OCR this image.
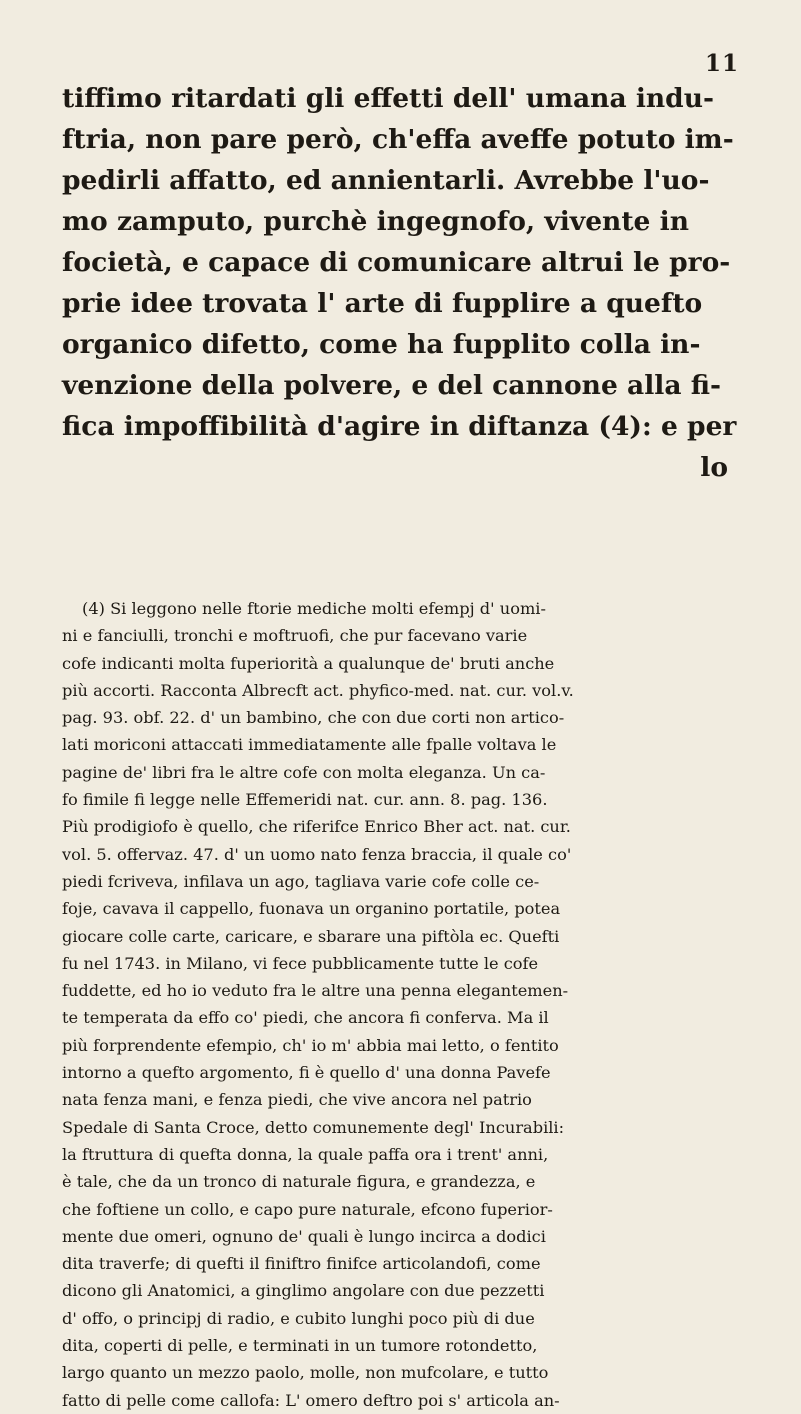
11
tiffimo ritardati gli effetti dell' umana indu-
ftria, non pare però, ch'effa aveffe potuto im-
pedirli affatto, ed annientarli. Avrebbe l'uo-
mo zamputo, purchè ingegnofo, vivente in
focietà, e capace di comunicare altrui le pro-
prie idee trovata l' arte di fupplire a quefto
organico difetto, come ha fupplito colla in-
venzione della polvere, e del cannone alla fi-
fica impoffibilità d'agire in diftanza (4): e per
lo
(4) Si leggono nelle ftorie mediche molti efempj d' uomi-
ni e fanciulli, tronchi e moftruofi, che pur facevano varie
cofe indicanti molta fuperiorità a qualunque de' bruti anche
più accorti. Racconta Albrecft act. phyfico-med. nat. cur. vol.v.
pag. 93. obf. 22. d' un bambino, che con due corti non artico-
lati moriconi attaccati immediatamente alle fpalle voltava le
pagine de' libri fra le altre cofe con molta eleganza. Un ca-
fo fimile fi legge nelle Effemeridi nat. cur. ann. 8. pag. 136.
Più prodigiofo è quello, che riferifce Enrico Bher act. nat. cur.
vol. 5. offervaz. 47. d' un uomo nato fenza braccia, il quale co'
piedi fcriveva, infilava un ago, tagliava varie cofe colle ce-
foje, cavava il cappello, fuonava un organino portatile, potea
giocare colle carte, caricare, e sbarare una piftòla ec. Quefti
fu nel 1743. in Milano, vi fece pubblicamente tutte le cofe
fuddette, ed ho io veduto fra le altre una penna elegantemen-
te temperata da effo co' piedi, che ancora fi conferva. Ma il
più forprendente efempio, ch' io m' abbia mai letto, o fentito
intorno a quefto argomento, fi è quello d' una donna Pavefe
nata fenza mani, e fenza piedi, che vive ancora nel patrio
Spedale di Santa Croce, detto comunemente degl' Incurabili:
la ftruttura di quefta donna, la quale paffa ora i trent' anni,
è tale, che da un tronco di naturale figura, e grandezza, e
che foftiene un collo, e capo pure naturale, efcono fuperior-
mente due omeri, ognuno de' quali è lungo incirca a dodici
dita traverfe; di quefti il finiftro finifce articolandofi, come
dicono gli Anatomici, a ginglimo angolare con due pezzetti
d' offo, o principj di radio, e cubito lunghi poco più di due
dita, coperti di pelle, e terminati in un tumore rotondetto,
largo quanto un mezzo paolo, molle, non mufcolare, e tutto
fatto di pelle come callofa: L' omero deftro poi s' articola an-
